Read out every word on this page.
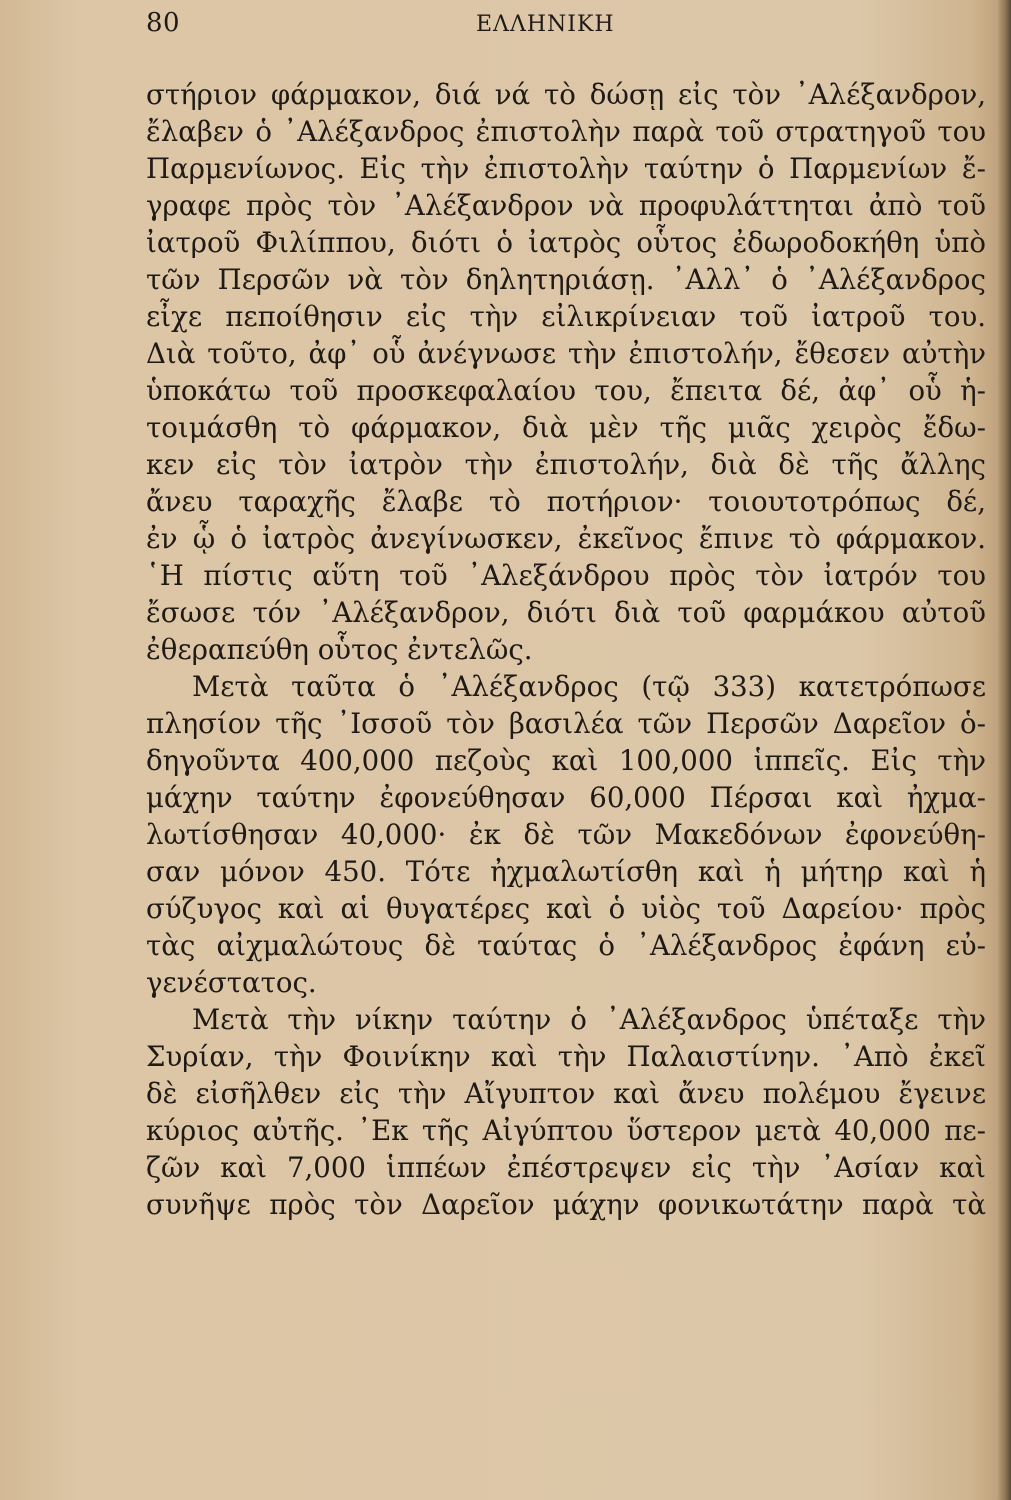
80	ΕΛΛΗΝΙΚΗ
στήριον φάρμακον, διά νά τὸ δώσῃ εἰς τὸν ᾿Αλέξανδρον,
ἔλαβεν ὁ ᾿Αλέξανδρος ἐπιστολὴν παρὰ τοῦ στρατηγοῦ του
Παρμενίωνος. Εἰς τὴν ἐπιστολὴν ταύτην ὁ Παρμενίων ἔ-
γραφε πρὸς τὸν ᾿Αλέξανδρον νὰ προφυλάττηται ἀπὸ τοῦ
ἰατροῦ Φιλίππου, διότι ὁ ἰατρὸς οὗτος ἐδωροδοκήθη ὑπὸ
τῶν Περσῶν νὰ τὸν δηλητηριάσῃ. ᾿Αλλ᾿ ὁ ᾿Αλέξανδρος
εἶχε πεποίθησιν εἰς τὴν εἰλικρίνειαν τοῦ ἰατροῦ του.
Διὰ τοῦτο, ἀφ᾿ οὗ ἀνέγνωσε τὴν ἐπιστολήν, ἔθεσεν αὐτὴν
ὑποκάτω τοῦ προσκεφαλαίου του, ἔπειτα δέ, ἀφ᾿ οὗ ἡ-
τοιμάσθη τὸ φάρμακον, διὰ μὲν τῆς μιᾶς χειρὸς ἔδω-
κεν εἰς τὸν ἰατρὸν τὴν ἐπιστολήν, διὰ δὲ τῆς ἄλλης
ἄνευ ταραχῆς ἔλαβε τὸ ποτήριον· τοιουτοτρόπως δέ,
ἐν ᾧ ὁ ἰατρὸς ἀνεγίνωσκεν, ἐκεῖνος ἔπινε τὸ φάρμακον.
῾Η πίστις αὕτη τοῦ ᾿Αλεξάνδρου πρὸς τὸν ἰατρόν του
ἔσωσε τόν ᾿Αλέξανδρον, διότι διὰ τοῦ φαρμάκου αὐτοῦ
ἐθεραπεύθη οὗτος ἐντελῶς.
Μετὰ ταῦτα ὁ ᾿Αλέξανδρος (τῷ 333) κατετρόπωσε
πλησίον τῆς ᾿Ισσοῦ τὸν βασιλέα τῶν Περσῶν Δαρεῖον ὁ-
δηγοῦντα 400,000 πεζοὺς καὶ 100,000 ἱππεῖς. Εἰς τὴν
μάχην ταύτην ἐφονεύθησαν 60,000 Πέρσαι καὶ ἠχμα-
λωτίσθησαν 40,000· ἐκ δὲ τῶν Μακεδόνων ἐφονεύθη-
σαν μόνον 450. Τότε ἠχμαλωτίσθη καὶ ἡ μήτηρ καὶ ἡ
σύζυγος καὶ αἱ θυγατέρες καὶ ὁ υἱὸς τοῦ Δαρείου· πρὸς
τὰς αἰχμαλώτους δὲ ταύτας ὁ ᾿Αλέξανδρος ἐφάνη εὐ-
γενέστατος.
Μετὰ τὴν νίκην ταύτην ὁ ᾿Αλέξανδρος ὑπέταξε τὴν
Συρίαν, τὴν Φοινίκην καὶ τὴν Παλαιστίνην. ᾿Απὸ ἐκεῖ
δὲ εἰσῆλθεν εἰς τὴν Αἴγυπτον καὶ ἄνευ πολέμου ἔγεινε
κύριος αὐτῆς. ᾿Εκ τῆς Αἰγύπτου ὕστερον μετὰ 40,000 πε-
ζῶν καὶ 7,000 ἱππέων ἐπέστρεψεν εἰς τὴν ᾿Ασίαν καὶ
συνῆψε πρὸς τὸν Δαρεῖον μάχην φονικωτάτην παρὰ τὰ
